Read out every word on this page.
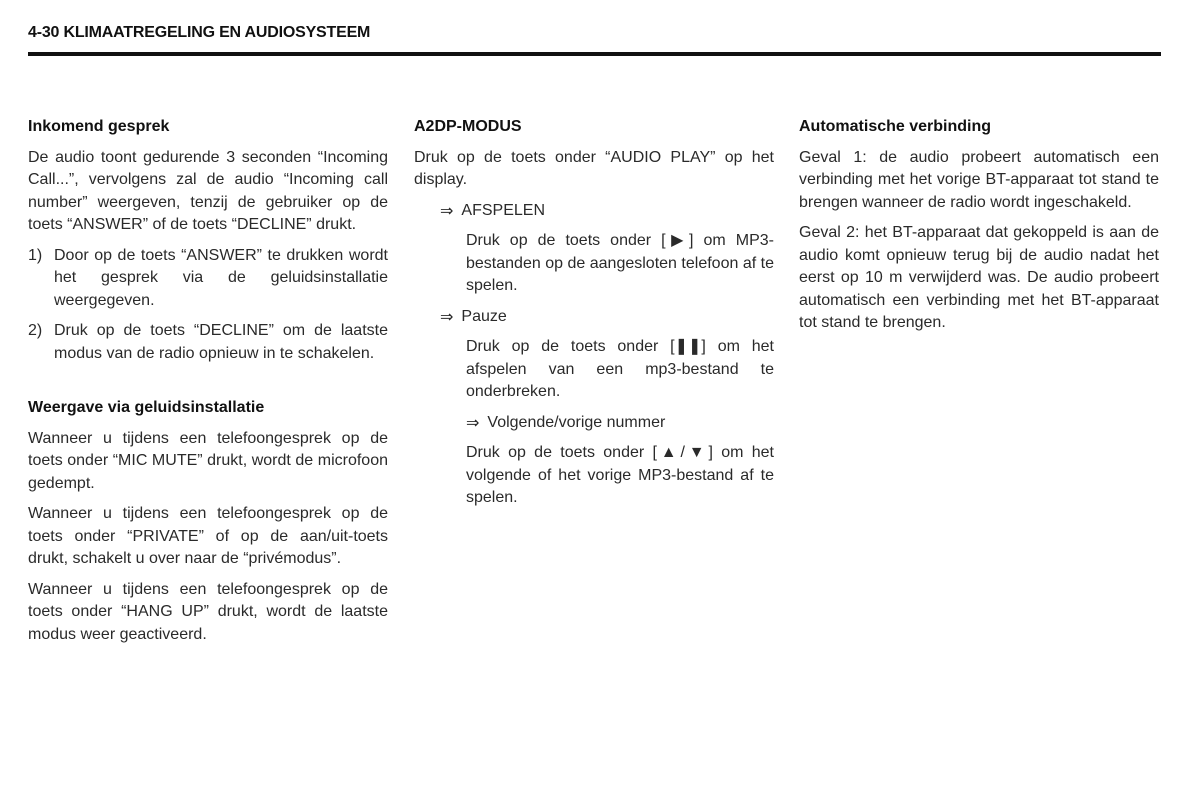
4-30 KLIMAATREGELING EN AUDIOSYSTEEM
Inkomend gesprek

De audio toont gedurende 3 seconden “Incoming Call...”, vervolgens zal de audio “Incoming call number” weergeven, tenzij de gebruiker op de toets “ANSWER” of de toets “DECLINE” drukt.

1) Door op de toets “ANSWER” te drukken wordt het gesprek via de geluidsinstallatie weergegeven.
2) Druk op de toets “DECLINE” om de laatste modus van de radio opnieuw in te schakelen.
Weergave via geluidsinstallatie

Wanneer u tijdens een telefoongesprek op de toets onder “MIC MUTE” drukt, wordt de microfoon gedempt.

Wanneer u tijdens een telefoongesprek op de toets onder “PRIVATE” of op de aan/uit-toets drukt, schakelt u over naar de “privémodus”.

Wanneer u tijdens een telefoongesprek op de toets onder “HANG UP” drukt, wordt de laatste modus weer geactiveerd.

A2DP-MODUS

Druk op de toets onder “AUDIO PLAY” op het display.

⇒ AFSPELEN

Druk op de toets onder [▶] om MP3-bestanden op de aangesloten telefoon af te spelen.

⇒ Pauze

Druk op de toets onder [❚❚] om het afspelen van een mp3-bestand te onderbreken.

⇒ Volgende/vorige nummer

Druk op de toets onder [▲/▼] om het volgende of het vorige MP3-bestand af te spelen.

Automatische verbinding

Geval 1: de audio probeert automatisch een verbinding met het vorige BT-apparaat tot stand te brengen wanneer de radio wordt ingeschakeld.

Geval 2: het BT-apparaat dat gekoppeld is aan de audio komt opnieuw terug bij de audio nadat het eerst op 10 m verwijderd was. De audio probeert automatisch een verbinding met het BT-apparaat tot stand te brengen.
